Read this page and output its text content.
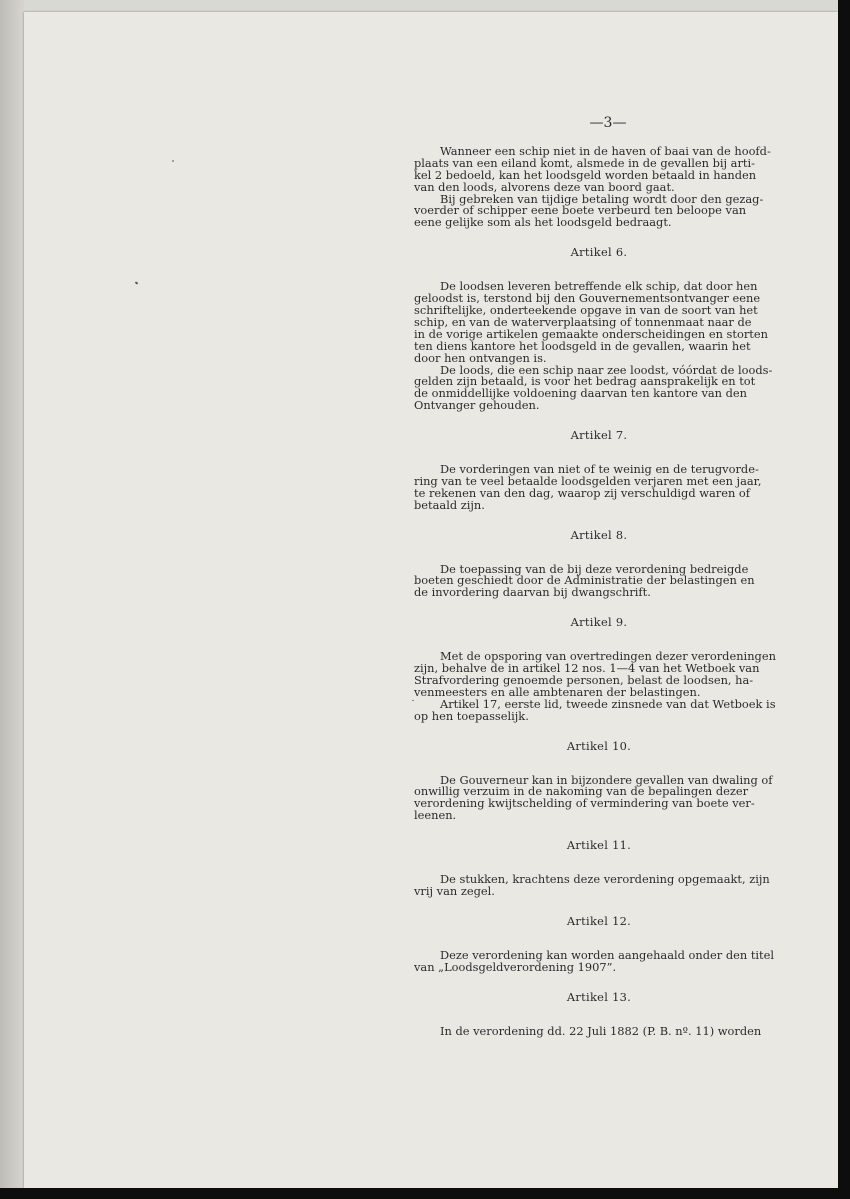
—3—

Wanneer een schip niet in de haven of baai van de hoofd-
plaats van een eiland komt, alsmede in de gevallen bij arti-
kel 2 bedoeld, kan het loodsgeld worden betaald in handen
van den loods, alvorens deze van boord gaat.

Bij gebreken van tijdige betaling wordt door den gezag-
voerder of schipper eene boete verbeurd ten beloope van
eene gelijke som als het loodsgeld bedraagt.

Artikel 6.

De loodsen leveren betreffende elk schip, dat door hen
geloodst is, terstond bij den Gouvernementsontvanger eene
schriftelijke, onderteekende opgave in van de soort van het
schip, en van de waterverplaatsing of tonnenmaat naar de
in de vorige artikelen gemaakte onderscheidingen en storten
ten diens kantore het loodsgeld in de gevallen, waarin het
door hen ontvangen is.

De loods, die een schip naar zee loodst, vóórdat de loods-
gelden zijn betaald, is voor het bedrag aansprakelijk en tot
de onmiddellijke voldoening daarvan ten kantore van den
Ontvanger gehouden.

Artikel 7.

De vorderingen van niet of te weinig en de terugvorde-
ring van te veel betaalde loodsgelden verjaren met een jaar,
te rekenen van den dag, waarop zij verschuldigd waren of
betaald zijn.

Artikel 8.

De toepassing van de bij deze verordening bedreigde
boeten geschiedt door de Administratie der belastingen en
de invordering daarvan bij dwangschrift.

Artikel 9.

Met de opsporing van overtredingen dezer verordeningen
zijn, behalve de in artikel 12 nos. 1—4 van het Wetboek van
Strafvordering genoemde personen, belast de loodsen, ha-
venmeesters en alle ambtenaren der belastingen.

Artikel 17, eerste lid, tweede zinsnede van dat Wetboek is
op hen toepasselijk.

Artikel 10.

De Gouverneur kan in bijzondere gevallen van dwaling of
onwillig verzuim in de nakoming van de bepalingen dezer
verordening kwijtschelding of vermindering van boete ver-
leenen.

Artikel 11.

De stukken, krachtens deze verordening opgemaakt, zijn
vrij van zegel.

Artikel 12.

Deze verordening kan worden aangehaald onder den titel
van „Loodsgeldverordening 1907”.

Artikel 13.

In de verordening dd. 22 Juli 1882 (P. B. nº. 11) worden
